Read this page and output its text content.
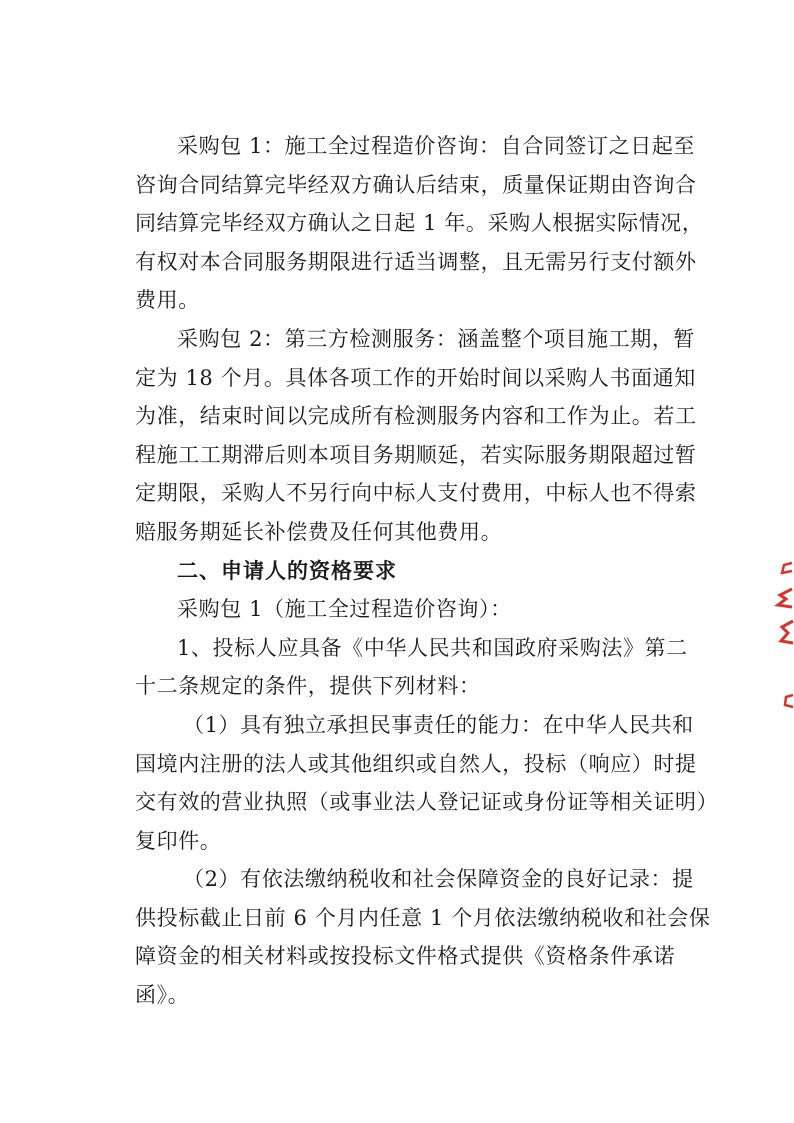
采购包 1：施工全过程造价咨询：自合同签订之日起至
咨询合同结算完毕经双方确认后结束，质量保证期由咨询合
同结算完毕经双方确认之日起 1 年。采购人根据实际情况，
有权对本合同服务期限进行适当调整，且无需另行支付额外
费用。
采购包 2：第三方检测服务：涵盖整个项目施工期，暂
定为 18 个月。具体各项工作的开始时间以采购人书面通知
为准，结束时间以完成所有检测服务内容和工作为止。若工
程施工工期滞后则本项目务期顺延，若实际服务期限超过暂
定期限，采购人不另行向中标人支付费用，中标人也不得索
赔服务期延长补偿费及任何其他费用。
二、申请人的资格要求
采购包 1（施工全过程造价咨询）：
1、投标人应具备《中华人民共和国政府采购法》第二
十二条规定的条件，提供下列材料：
（1）具有独立承担民事责任的能力：在中华人民共和
国境内注册的法人或其他组织或自然人，投标（响应）时提
交有效的营业执照（或事业法人登记证或身份证等相关证明）
复印件。
（2）有依法缴纳税收和社会保障资金的良好记录：提
供投标截止日前 6 个月内任意 1 个月依法缴纳税收和社会保
障资金的相关材料或按投标文件格式提供《资格条件承诺
函》。
